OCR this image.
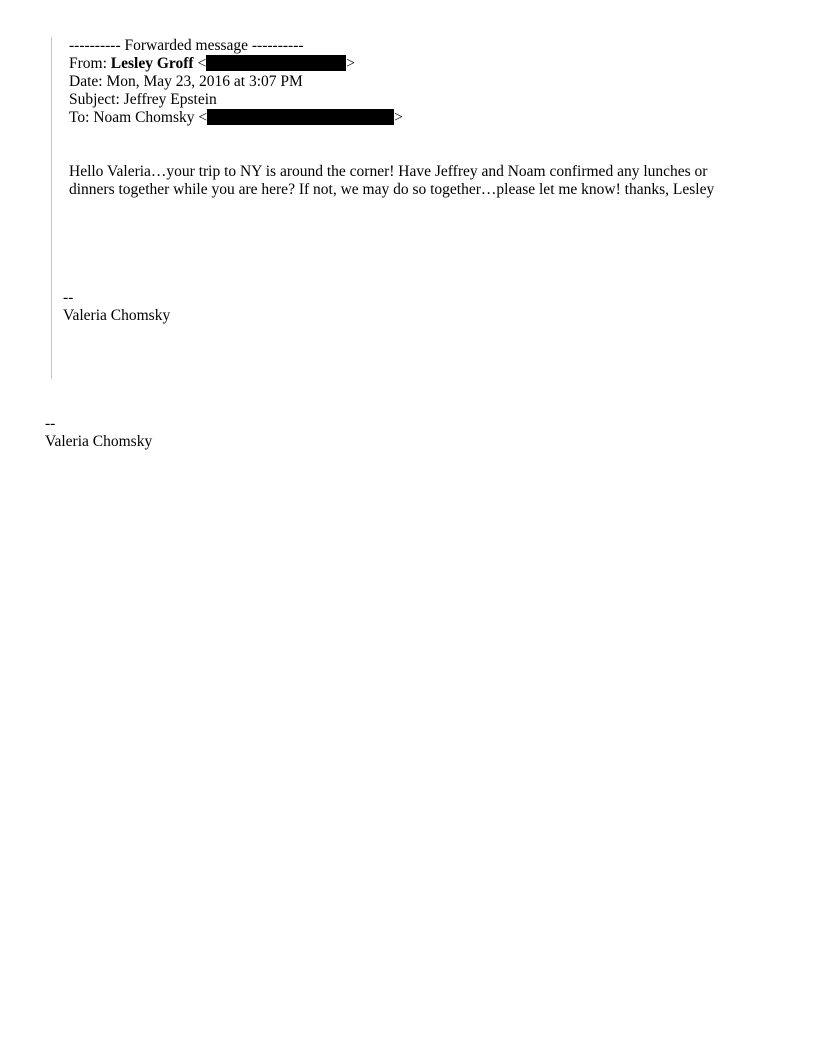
---------- Forwarded message ----------
From: Lesley Groff <	>
Date: Mon, May 23, 2016 at 3:07 PM
Subject: Jeffrey Epstein
To: Noam Chomsky <	>
Hello Valeria…your trip to NY is around the corner! Have Jeffrey and Noam confirmed any lunches or
dinners together while you are here? If not, we may do so together…please let me know! thanks, Lesley
--
Valeria Chomsky
--
Valeria Chomsky
